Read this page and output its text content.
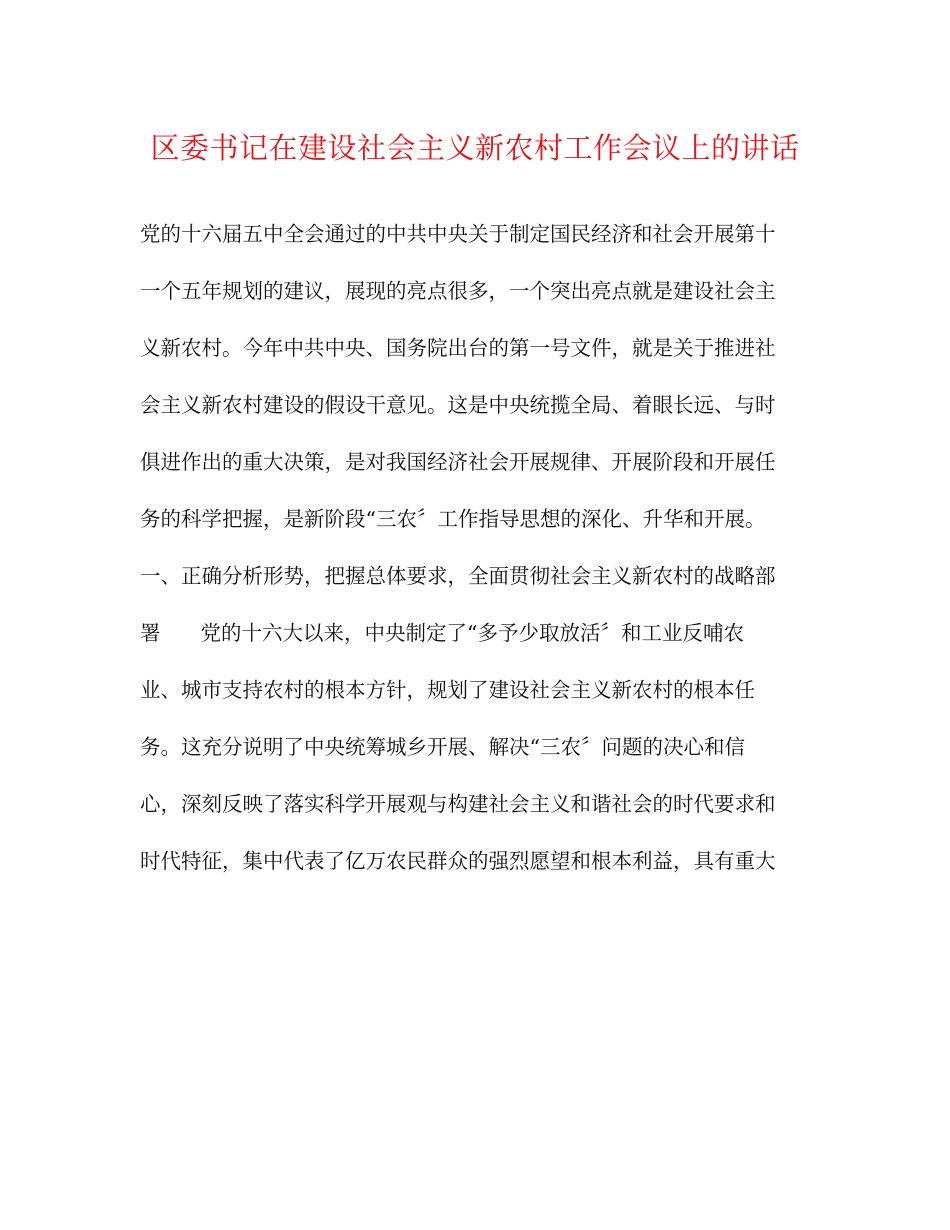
区委书记在建设社会主义新农村工作会议上的讲话
党的十六届五中全会通过的中共中央关于制定国民经济和社会开展第十
一个五年规划的建议，展现的亮点很多，一个突出亮点就是建设社会主
义新农村。今年中共中央、国务院出台的第一号文件，就是关于推进社
会主义新农村建设的假设干意见。这是中央统揽全局、着眼长远、与时
俱进作出的重大决策，是对我国经济社会开展规律、开展阶段和开展任
务的科学把握，是新阶段“三农〞工作指导思想的深化、升华和开展。
一、正确分析形势，把握总体要求，全面贯彻社会主义新农村的战略部
署 党的十六大以来，中央制定了“多予少取放活〞和工业反哺农
业、城市支持农村的根本方针，规划了建设社会主义新农村的根本任
务。这充分说明了中央统筹城乡开展、解决“三农〞问题的决心和信
心，深刻反映了落实科学开展观与构建社会主义和谐社会的时代要求和
时代特征，集中代表了亿万农民群众的强烈愿望和根本利益，具有重大
